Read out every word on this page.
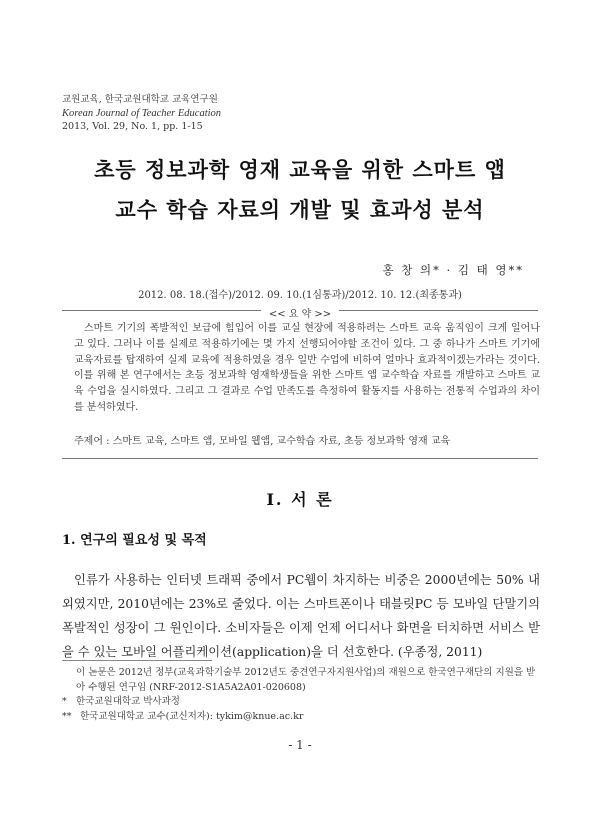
교원교육, 한국교원대학교 교육연구원
Korean Journal of Teacher Education
2013, Vol. 29, No. 1, pp. 1-15
초등 정보과학 영재 교육을 위한 스마트 앱
교수 학습 자료의 개발 및 효과성 분석
홍 창 의* · 김 태 영**
2012. 08. 18.(접수)/2012. 09. 10.(1심통과)/2012. 10. 12.(최종통과)
<< 요 약 >>
스마트 기기의 폭발적인 보급에 힘입어 이를 교실 현장에 적용하려는 스마트 교육 움직임이 크게 일어나고 있다. 그러나 이를 실제로 적용하기에는 몇 가지 선행되어야할 조건이 있다. 그 중 하나가 스마트 기기에 교육자료를 탑재하여 실제 교육에 적용하였을 경우 일반 수업에 비하여 얼마나 효과적이겠는가라는 것이다. 이를 위해 본 연구에서는 초등 정보과학 영재학생들을 위한 스마트 앱 교수학습 자료를 개발하고 스마트 교육 수업을 실시하였다. 그리고 그 결과로 수업 만족도를 측정하여 활동지를 사용하는 전통적 수업과의 차이를 분석하였다.
주제어 : 스마트 교육, 스마트 앱, 모바일 웹앱, 교수학습 자료, 초등 정보과학 영재 교육
Ⅰ. 서 론
1. 연구의 필요성 및 목적
인류가 사용하는 인터넷 트래픽 중에서 PC웹이 차지하는 비중은 2000년에는 50% 내외였지만, 2010년에는 23%로 줄었다. 이는 스마트폰이나 태블릿PC 등 모바일 단말기의 폭발적인 성장이 그 원인이다. 소비자들은 이제 언제 어디서나 화면을 터치하면 서비스 받을 수 있는 모바일 어플리케이션(application)을 더 선호한다. (우종정, 2011)
이 논문은 2012년 정부(교육과학기술부 2012년도 중견연구자지원사업)의 재원으로 한국연구재단의 지원을 받아 수행된 연구임 (NRF-2012-S1A5A2A01-020608)
* 한국교원대학교 박사과정
** 한국교원대학교 교수(교신저자): tykim@knue.ac.kr
- 1 -
